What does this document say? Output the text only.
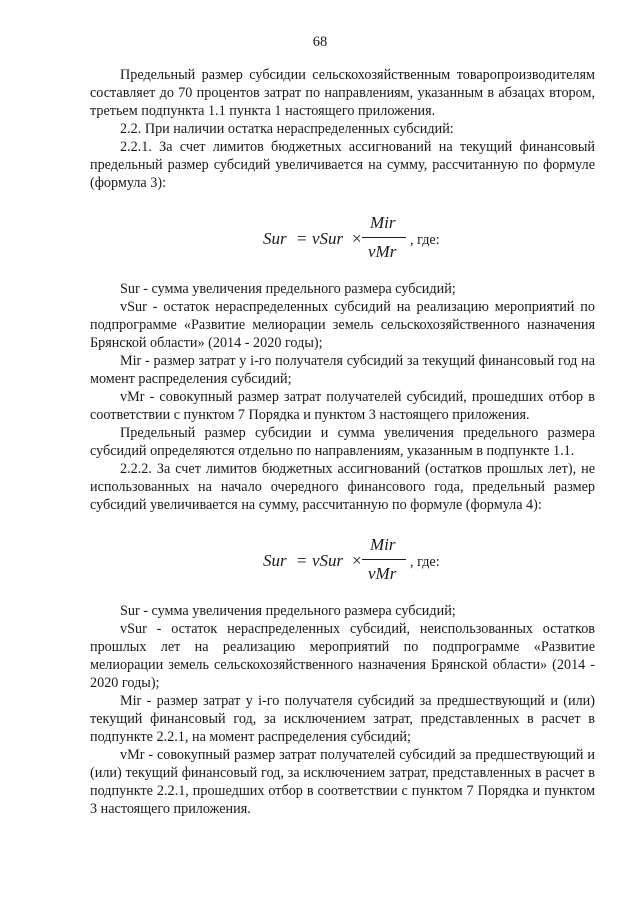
68

Предельный размер субсидии сельскохозяйственным товаропроизводителям составляет до 70 процентов затрат по направлениям, указанным в абзацах втором, третьем подпункта 1.1 пункта 1 настоящего приложения.

2.2. При наличии остатка нераспределенных субсидий:

2.2.1. За счет лимитов бюджетных ассигнований на текущий финансовый предельный размер субсидий увеличивается на сумму, рассчитанную по формуле (формула 3):

Sur = vSur ×
Mir
vMr
, где:

Sur - сумма увеличения предельного размера субсидий;

vSur - остаток нераспределенных субсидий на реализацию мероприятий по подпрограмме «Развитие мелиорации земель сельскохозяйственного назначения Брянской области» (2014 - 2020 годы);

Mir - размер затрат у i-го получателя субсидий за текущий финансовый год на момент распределения субсидий;

vMr - совокупный размер затрат получателей субсидий, прошедших отбор в соответствии с пунктом 7 Порядка и пунктом 3 настоящего приложения.

Предельный размер субсидии и сумма увеличения предельного размера субсидий определяются отдельно по направлениям, указанным в подпункте 1.1.

2.2.2. За счет лимитов бюджетных ассигнований (остатков прошлых лет), не использованных на начало очередного финансового года, предельный размер субсидий увеличивается на сумму, рассчитанную по формуле (формула 4):

Sur = vSur ×
Mir
vMr
, где:

Sur - сумма увеличения предельного размера субсидий;

vSur - остаток нераспределенных субсидий, неиспользованных остатков прошлых лет на реализацию мероприятий по подпрограмме «Развитие мелиорации земель сельскохозяйственного назначения Брянской области» (2014 - 2020 годы);

Mir - размер затрат у i-го получателя субсидий за предшествующий и (или) текущий финансовый год, за исключением затрат, представленных в расчет в подпункте 2.2.1, на момент распределения субсидий;

vMr - совокупный размер затрат получателей субсидий за предшествующий и (или) текущий финансовый год, за исключением затрат, представленных в расчет в подпункте 2.2.1, прошедших отбор в соответствии с пунктом 7 Порядка и пунктом 3 настоящего приложения.
